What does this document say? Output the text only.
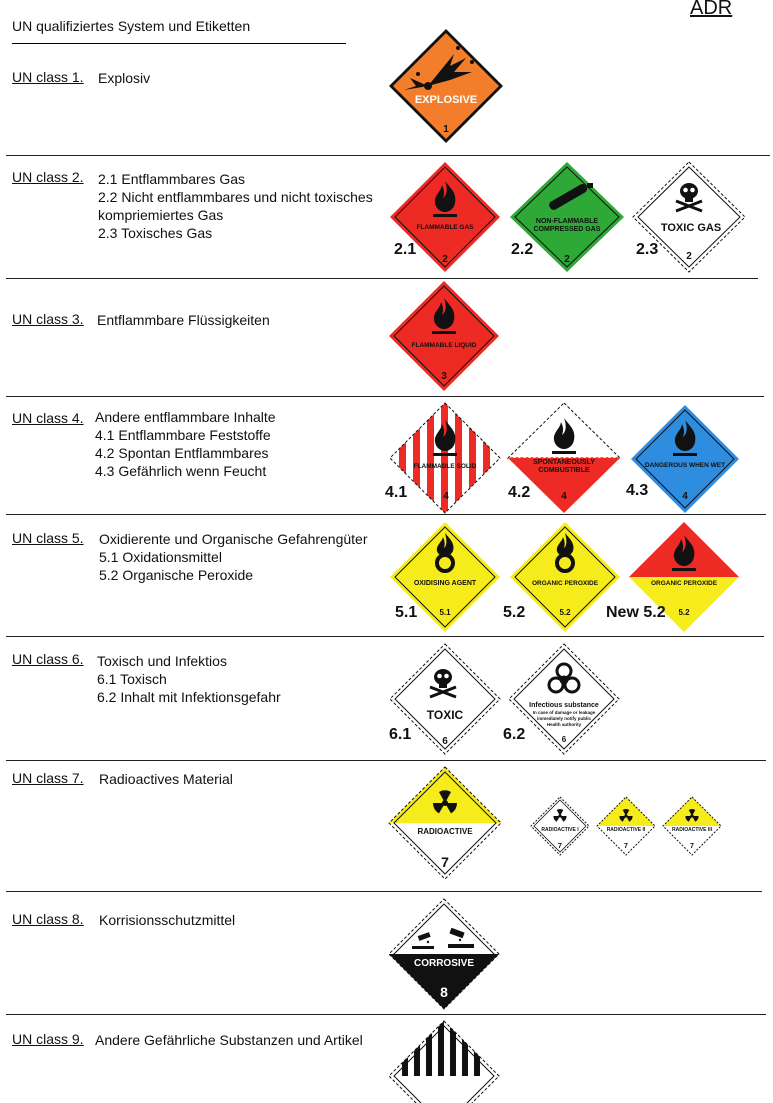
UN qualifiziertes System und Etiketten
ADR
UN class 1. Explosiv
UN class 2. 2.1 Entflammbares Gas
2.2 Nicht entflammbares und nicht toxisches
kompriemiertes Gas
2.3 Toxisches Gas
UN class 3. Entflammbare Flüssigkeiten
UN class 4. Andere entflammbare Inhalte
4.1 Entflammbare Feststoffe
4.2 Spontan Entflammbares
4.3 Gefährlich wenn Feucht
UN class 5. Oxidierente und Organische Gefahrengüter
5.1 Oxidationsmittel
5.2 Organische Peroxide
UN class 6. Toxisch und Infektios
6.1 Toxisch
6.2 Inhalt mit Infektionsgefahr
UN class 7. Radioactives Material
UN class 8. Korrisionsschutzmittel
UN class 9. Andere Gefährliche Substanzen und Artikel
EXPLOSIVE
1
FLAMMABLE GAS
2
2.1
NON-FLAMMABLE
COMPRESSED GAS
2
2.2
TOXIC GAS
2
2.3
FLAMMABLE LIQUID
3
FLAMMABLE SOLID
4
4.1
SPONTANEOUSLY
COMBUSTIBLE
4
4.2
DANGEROUS WHEN WET
4
4.3
OXIDISING AGENT
5.1
5.1
ORGANIC PEROXIDE
5.2
5.2
ORGANIC PEROXIDE
5.2
New 5.2
TOXIC
6
6.1
Infectious substance
In case of damage or leakage
immediately notify public
Health authority
6
6.2
RADIOACTIVE
7
RADIOACTIVE I
7
RADIOACTIVE II
7
RADIOACTIVE III
7
CORROSIVE
8
